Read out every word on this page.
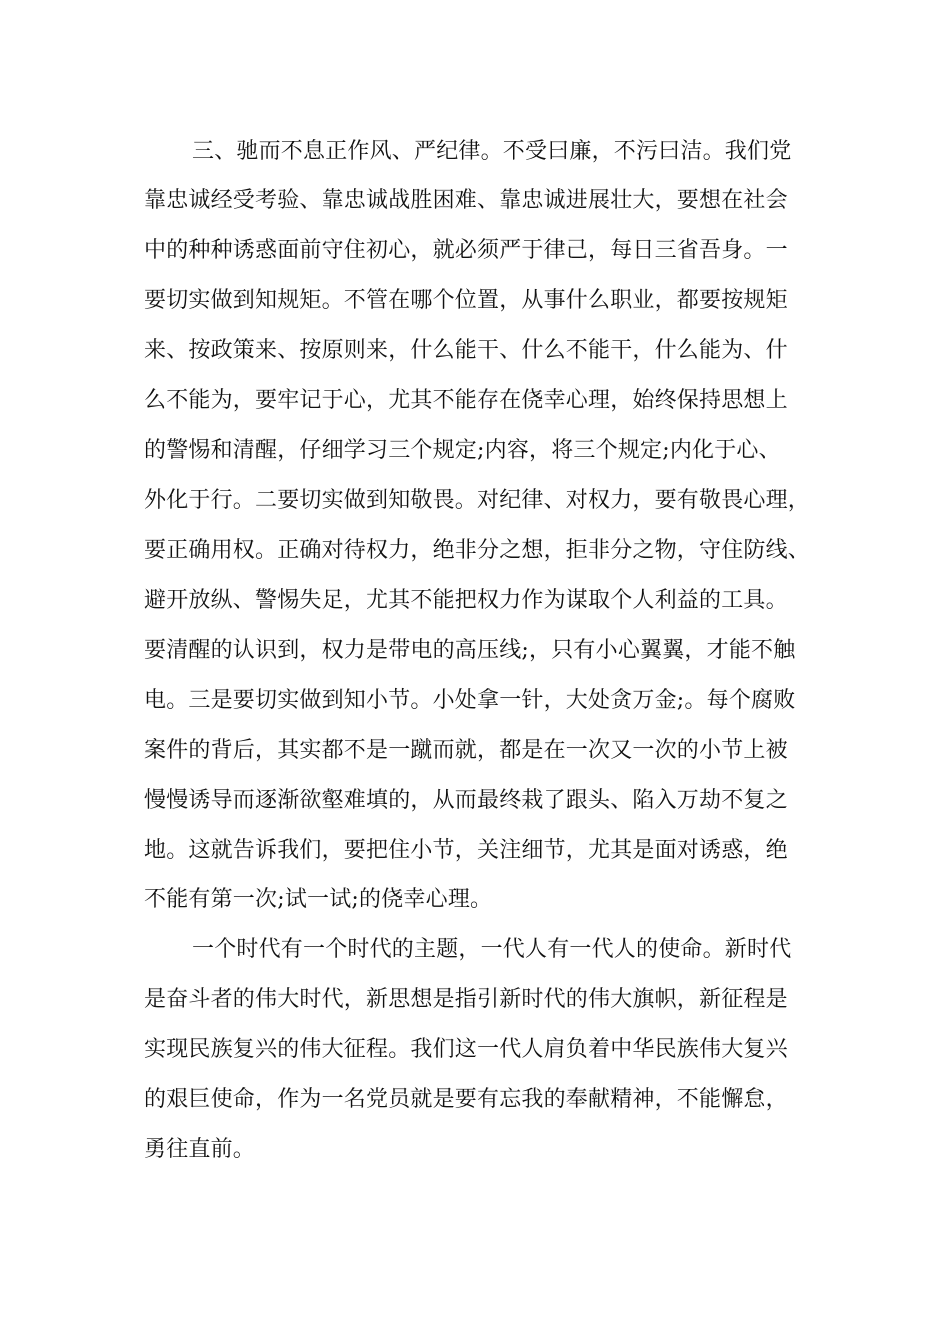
三、驰而不息正作风、严纪律。不受曰廉，不污曰洁。我们党
靠忠诚经受考验、靠忠诚战胜困难、靠忠诚进展壮大，要想在社会
中的种种诱惑面前守住初心，就必须严于律己，每日三省吾身。一
要切实做到知规矩。不管在哪个位置，从事什么职业，都要按规矩
来、按政策来、按原则来，什么能干、什么不能干，什么能为、什
么不能为，要牢记于心，尤其不能存在侥幸心理，始终保持思想上
的警惕和清醒，仔细学习三个规定;内容，将三个规定;内化于心、
外化于行。二要切实做到知敬畏。对纪律、对权力，要有敬畏心理，
要正确用权。正确对待权力，绝非分之想，拒非分之物，守住防线、
避开放纵、警惕失足，尤其不能把权力作为谋取个人利益的工具。
要清醒的认识到，权力是带电的高压线;，只有小心翼翼，才能不触
电。三是要切实做到知小节。小处拿一针，大处贪万金;。每个腐败
案件的背后，其实都不是一蹴而就，都是在一次又一次的小节上被
慢慢诱导而逐渐欲壑难填的，从而最终栽了跟头、陷入万劫不复之
地。这就告诉我们，要把住小节，关注细节，尤其是面对诱惑，绝
不能有第一次;试一试;的侥幸心理。
一个时代有一个时代的主题，一代人有一代人的使命。新时代
是奋斗者的伟大时代，新思想是指引新时代的伟大旗帜，新征程是
实现民族复兴的伟大征程。我们这一代人肩负着中华民族伟大复兴
的艰巨使命，作为一名党员就是要有忘我的奉献精神，不能懈怠，
勇往直前。
